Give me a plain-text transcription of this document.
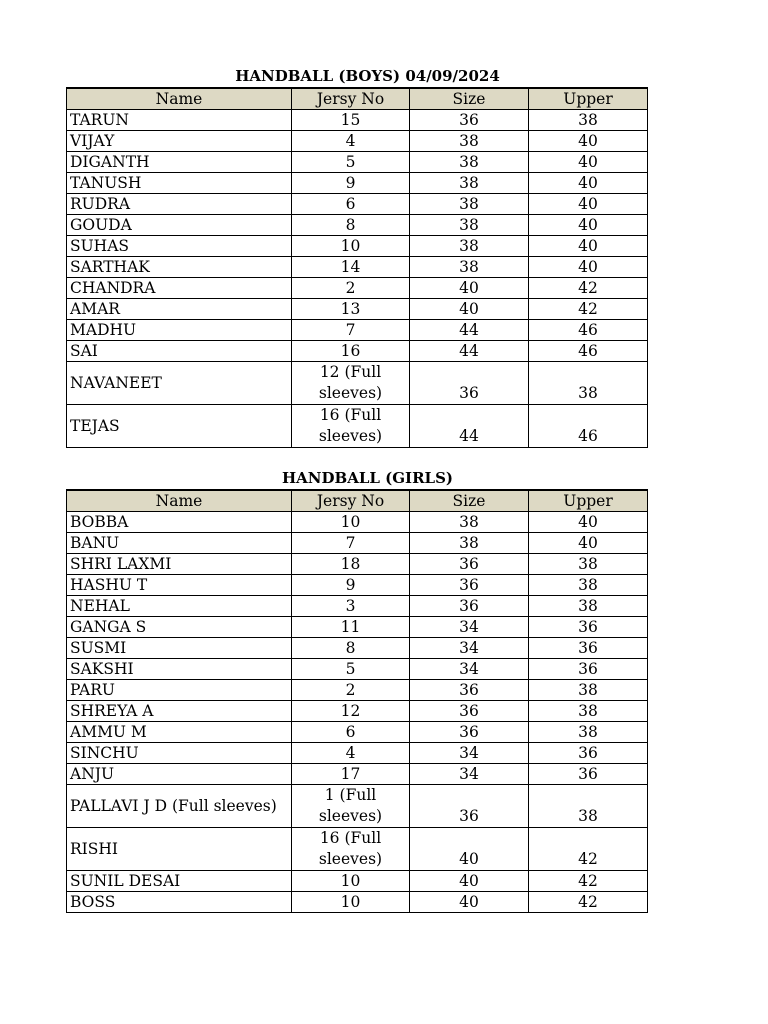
HANDBALL (BOYS) 04/09/2024
Name	Jersy No	Size	Upper
TARUN	15	36	38
VIJAY	4	38	40
DIGANTH	5	38	40
TANUSH	9	38	40
RUDRA	6	38	40
GOUDA	8	38	40
SUHAS	10	38	40
SARTHAK	14	38	40
CHANDRA	2	40	42
AMAR	13	40	42
MADHU	7	44	46
SAI	16	44	46
NAVANEET	12 (Full sleeves)	36	38
TEJAS	16 (Full sleeves)	44	46
HANDBALL (GIRLS)
Name	Jersy No	Size	Upper
BOBBA	10	38	40
BANU	7	38	40
SHRI LAXMI	18	36	38
HASHU T	9	36	38
NEHAL	3	36	38
GANGA S	11	34	36
SUSMI	8	34	36
SAKSHI	5	34	36
PARU	2	36	38
SHREYA A	12	36	38
AMMU M	6	36	38
SINCHU	4	34	36
ANJU	17	34	36
PALLAVI J D (Full sleeves)	1 (Full sleeves)	36	38
RISHI	16 (Full sleeves)	40	42
SUNIL DESAI	10	40	42
BOSS	10	40	42
